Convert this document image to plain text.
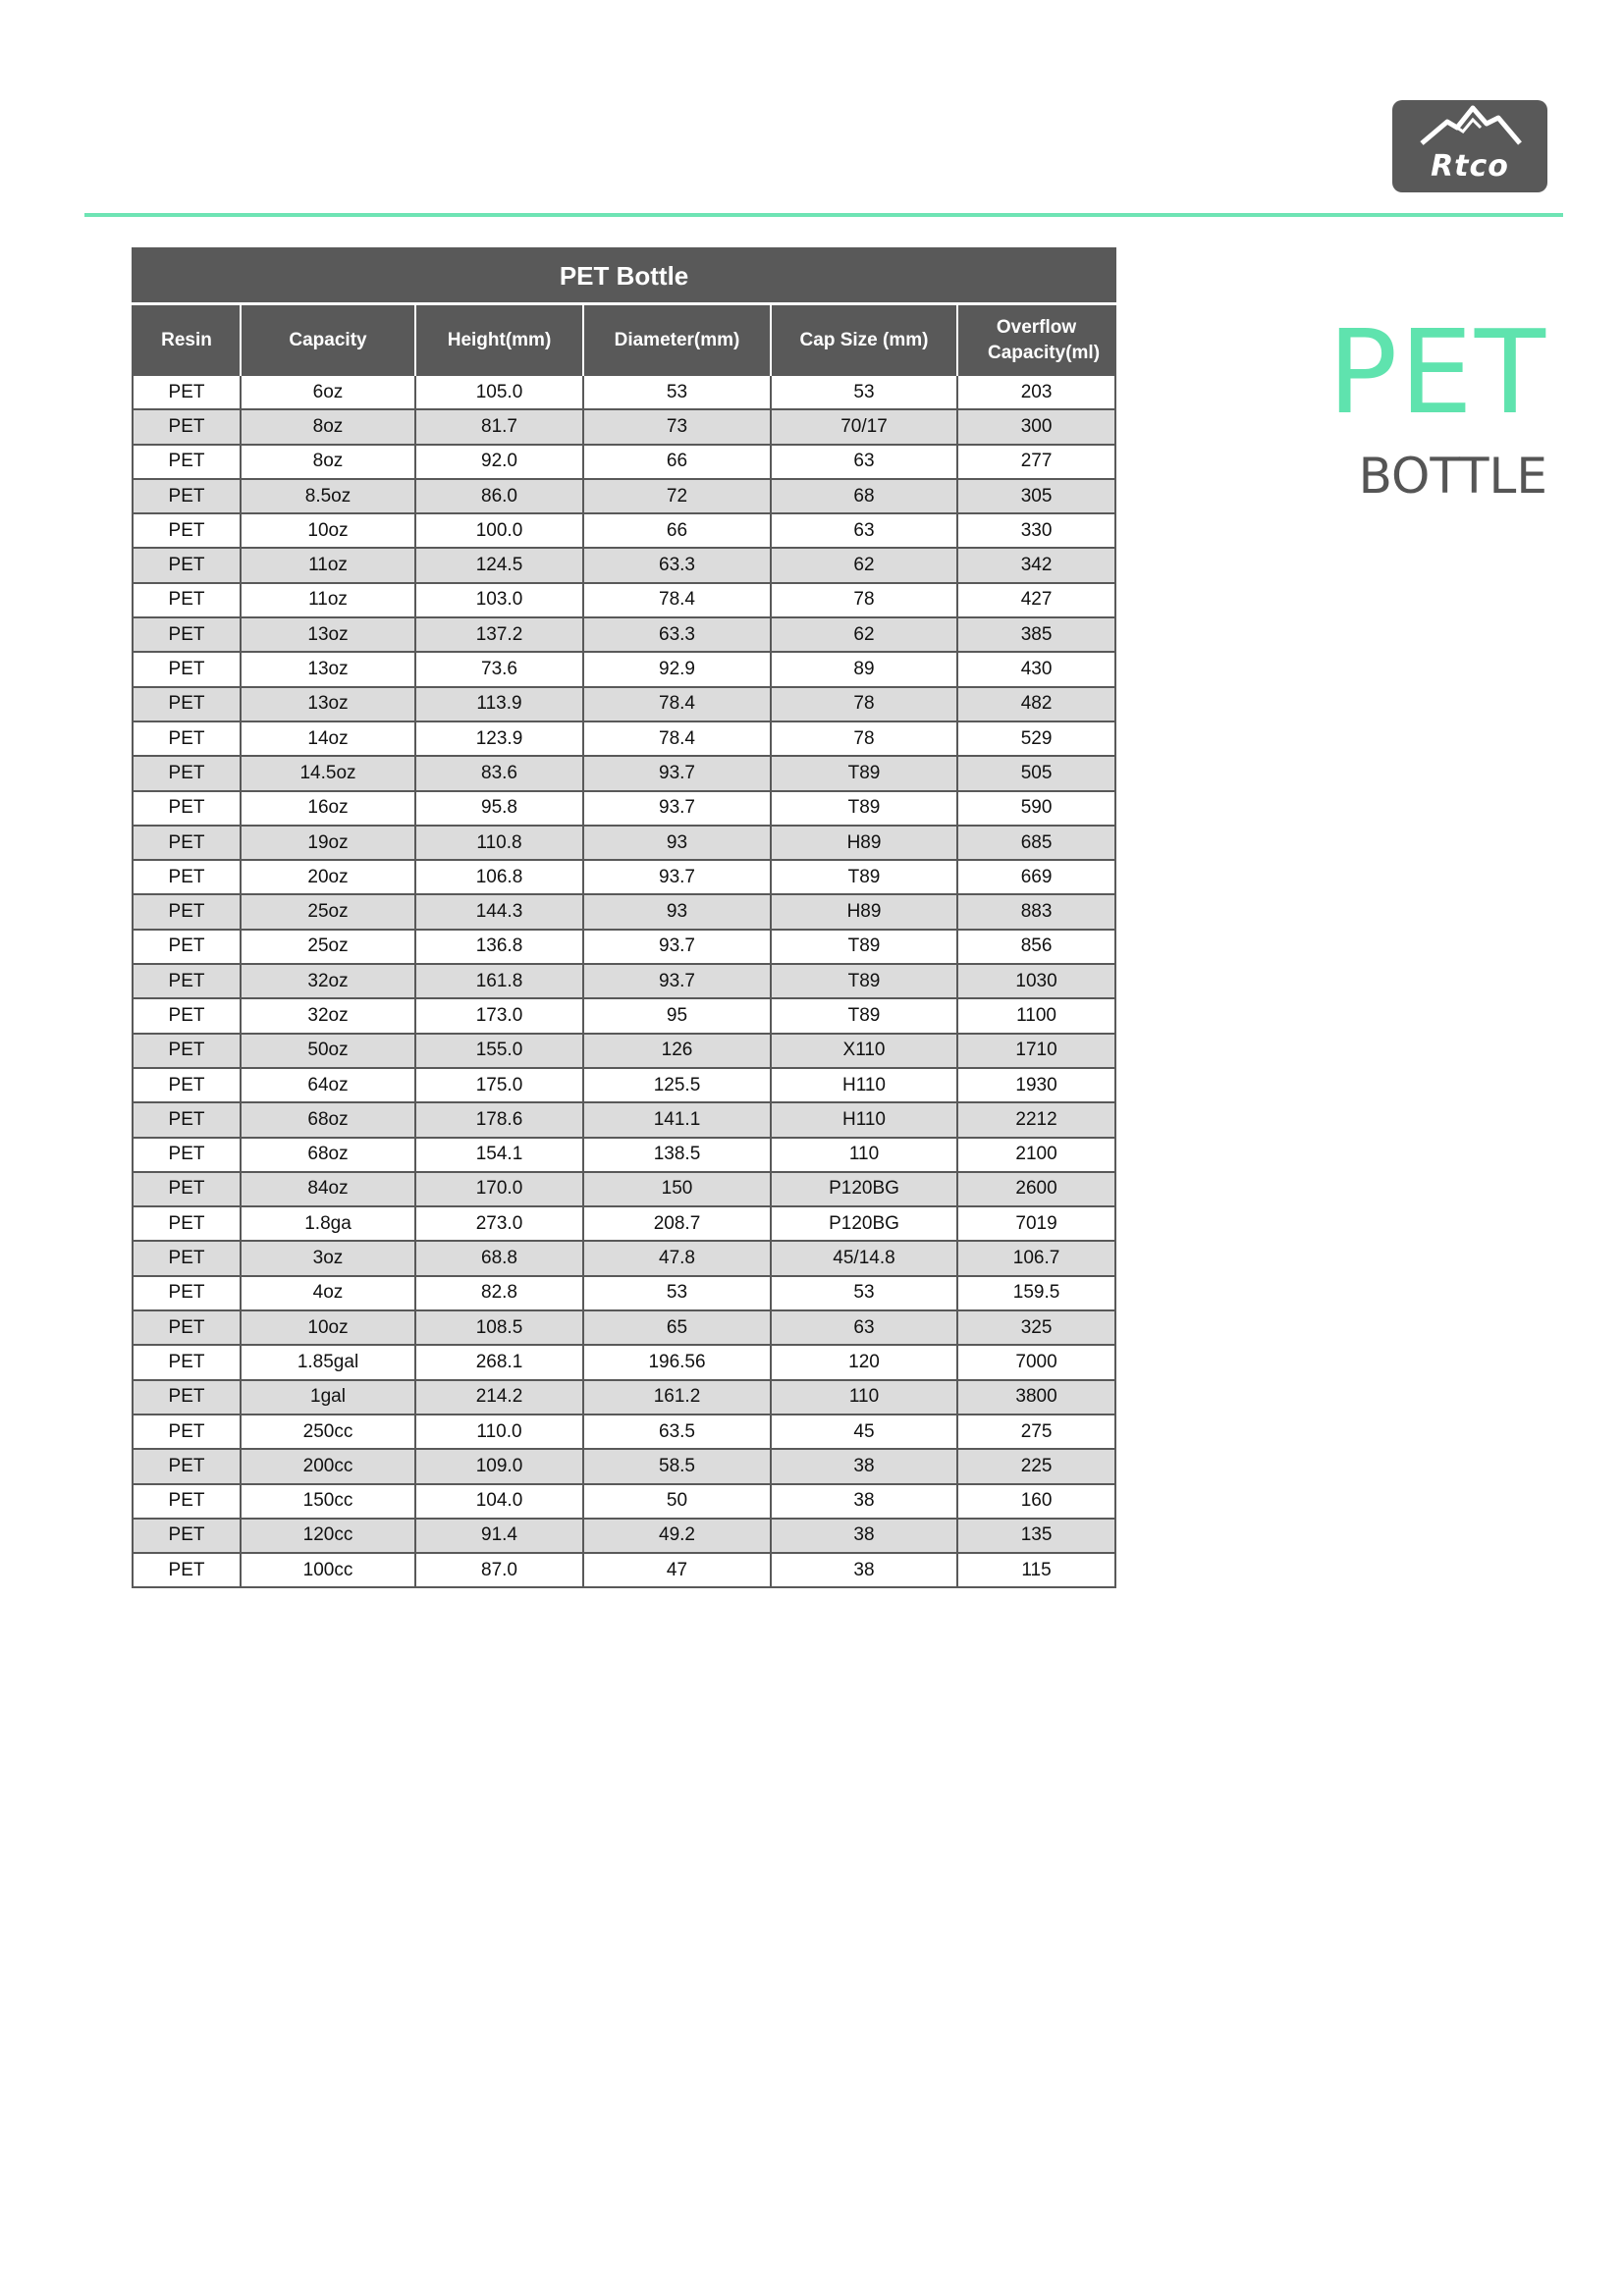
Rtco
PET
BOTTLE
PET Bottle					
Resin	Capacity	Height(mm)	Diameter(mm)	Cap Size (mm)	Overflow Capacity(ml)
PET	6oz	105.0	53	53	203
PET	8oz	81.7	73	70/17	300
PET	8oz	92.0	66	63	277
PET	8.5oz	86.0	72	68	305
PET	10oz	100.0	66	63	330
PET	11oz	124.5	63.3	62	342
PET	11oz	103.0	78.4	78	427
PET	13oz	137.2	63.3	62	385
PET	13oz	73.6	92.9	89	430
PET	13oz	113.9	78.4	78	482
PET	14oz	123.9	78.4	78	529
PET	14.5oz	83.6	93.7	T89	505
PET	16oz	95.8	93.7	T89	590
PET	19oz	110.8	93	H89	685
PET	20oz	106.8	93.7	T89	669
PET	25oz	144.3	93	H89	883
PET	25oz	136.8	93.7	T89	856
PET	32oz	161.8	93.7	T89	1030
PET	32oz	173.0	95	T89	1100
PET	50oz	155.0	126	X110	1710
PET	64oz	175.0	125.5	H110	1930
PET	68oz	178.6	141.1	H110	2212
PET	68oz	154.1	138.5	110	2100
PET	84oz	170.0	150	P120BG	2600
PET	1.8ga	273.0	208.7	P120BG	7019
PET	3oz	68.8	47.8	45/14.8	106.7
PET	4oz	82.8	53	53	159.5
PET	10oz	108.5	65	63	325
PET	1.85gal	268.1	196.56	120	7000
PET	1gal	214.2	161.2	110	3800
PET	250cc	110.0	63.5	45	275
PET	200cc	109.0	58.5	38	225
PET	150cc	104.0	50	38	160
PET	120cc	91.4	49.2	38	135
PET	100cc	87.0	47	38	115
